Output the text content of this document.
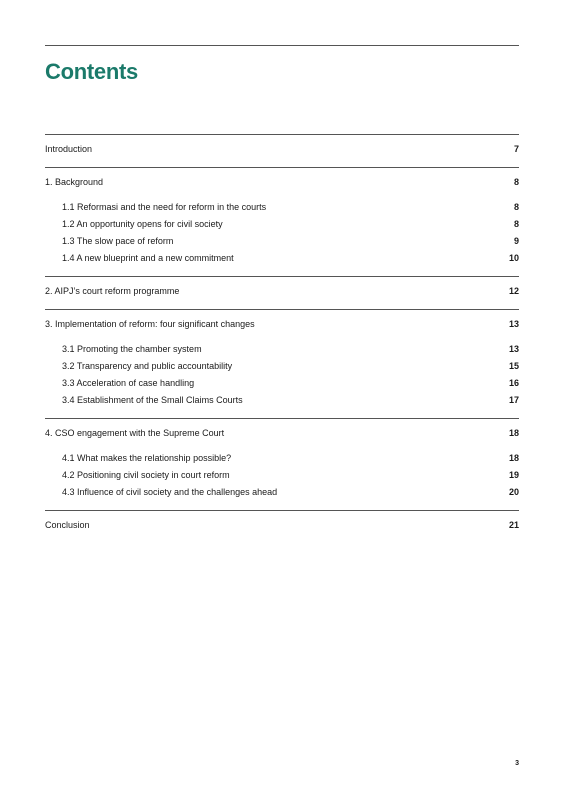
Contents
Introduction	7
1. Background	8
1.1 Reformasi and the need for reform in the courts	8
1.2 An opportunity opens for civil society	8
1.3 The slow pace of reform	9
1.4 A new blueprint and a new commitment	10
2. AIPJ’s court reform programme	12
3. Implementation of reform: four significant changes	13
3.1 Promoting the chamber system	13
3.2 Transparency and public accountability	15
3.3 Acceleration of case handling	16
3.4 Establishment of the Small Claims Courts	17
4. CSO engagement with the Supreme Court	18
4.1 What makes the relationship possible?	18
4.2 Positioning civil society in court reform	19
4.3 Influence of civil society and the challenges ahead	20
Conclusion	21
3
